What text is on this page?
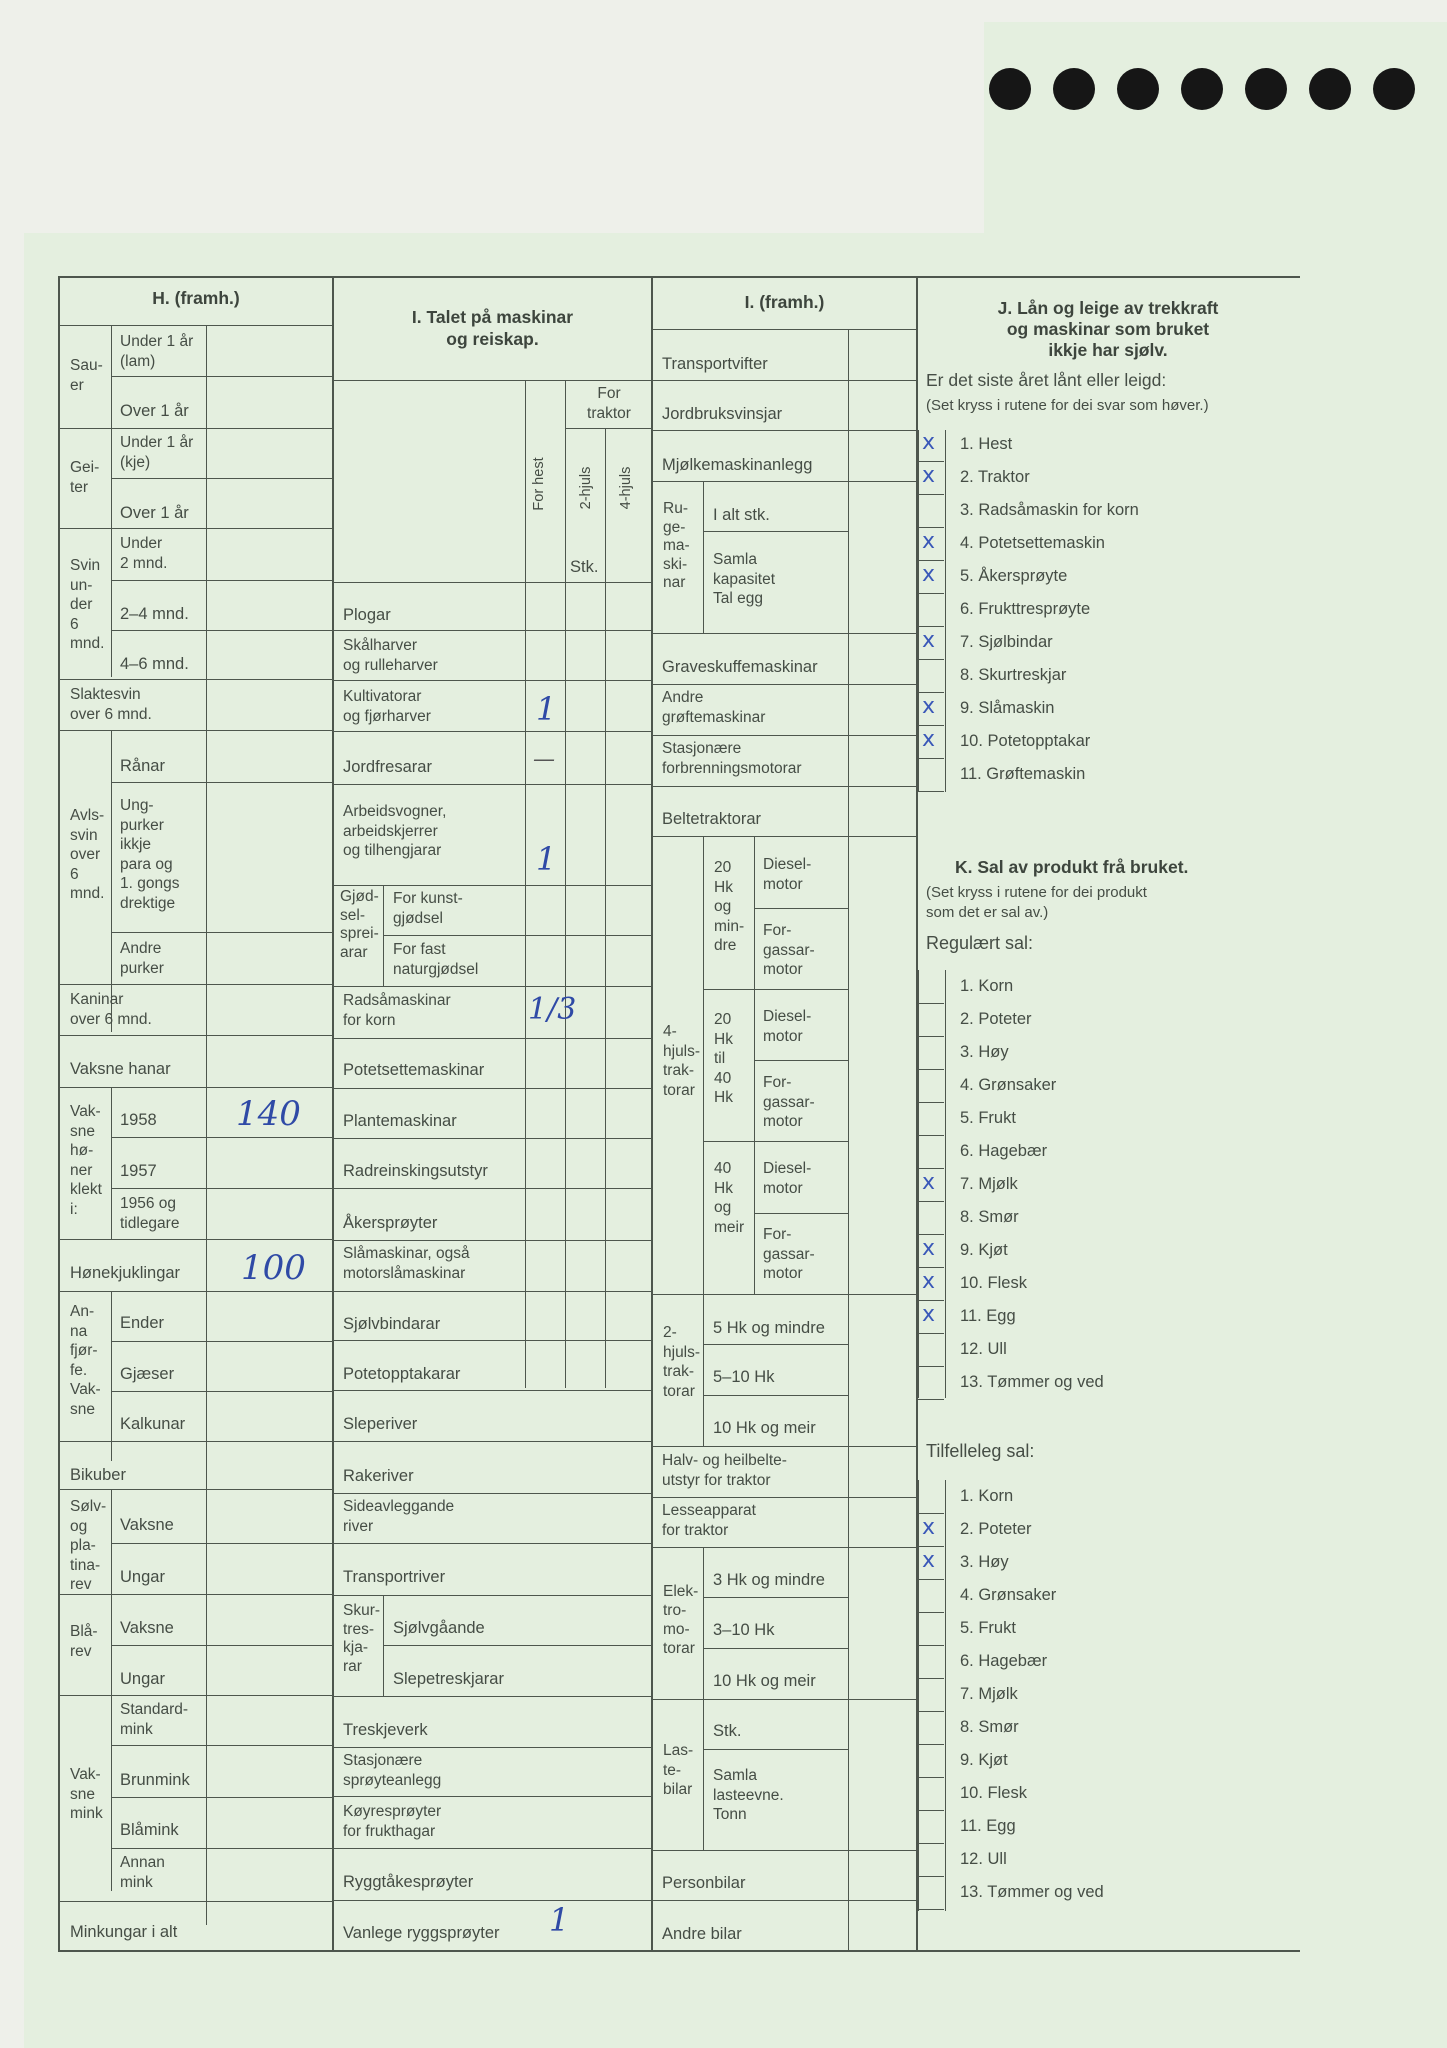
H. (framh.)
Sau-
er
Under 1 år
(lam)
Over 1 år
Gei-
ter
Under 1 år
(kje)
Over 1 år
Svin
un-
der
6
mnd.
Under
2 mnd.
2–4 mnd.
4–6 mnd.
Slaktesvin
over 6 mnd.
Avls-
svin
over
6
mnd.
Rånar
Ung-
purker
ikkje
para og
1. gongs
drektige
Andre
purker
Kaninar
over 6 mnd.
Vaksne hanar
Vak-
sne
hø-
ner
klekt
i:
1958
1957
1956 og
tidlegare
Hønekjuklingar
An-
na
fjør-
fe.
Vak-
sne
Ender
Gjæser
Kalkunar
Bikuber
Sølv-
og
pla-
tina-
rev
Vaksne
Ungar
Blå-
rev
Vaksne
Ungar
Vak-
sne
mink
Standard-
mink
Brunmink
Blåmink
Annan
mink
Minkungar i alt
140
100
I. Talet på maskinar
og reiskap.
For hest
For
traktor
2-hjuls 4-hjuls
Stk.
Plogar
Skålharver
og rulleharver
Kultivatorar
og fjørharver
Jordfresarar
Arbeidsvogner,
arbeidskjerrer
og tilhengjarar
Gjød-
sel-
sprei-
arar
For kunst-
gjødsel
For fast
naturgjødsel
Radsåmaskinar
for korn
Potetsettemaskinar
Plantemaskinar
Radreinskingsutstyr
Åkersprøyter
Slåmaskinar, også
motorslåmaskinar
Sjølvbindarar
Potetopptakarar
Sleperiver
Rakeriver
Sideavleggande
river
Transportriver
Skur-
tres-
kja-
rar
Sjølvgåande
Slepetreskjarar
Treskjeverk
Stasjonære
sprøyteanlegg
Køyresprøyter
for frukthagar
Ryggtåkesprøyter
Vanlege ryggsprøyter
1
—
1
1/3
1
I. (framh.)
Transportvifter
Jordbruksvinsjar
Mjølkemaskinanlegg
Ru-
ge-
ma-
ski-
nar
I alt stk.
Samla
kapasitet
Tal egg
Graveskuffemaskinar
Andre
grøftemaskinar
Stasjonære
forbrenningsmotorar
Beltetraktorar
4-
hjuls-
trak-
torar
20
Hk
og
min-
dre
20
Hk
til
40
Hk
40
Hk
og
meir
Diesel-
motor
For-
gassar-
motor
Diesel-
motor
For-
gassar-
motor
Diesel-
motor
For-
gassar-
motor
2-
hjuls-
trak-
torar
5 Hk og mindre
5–10 Hk
10 Hk og meir
Halv- og heilbelte-
utstyr for traktor
Lesseapparat
for traktor
Elek-
tro-
mo-
torar
3 Hk og mindre
3–10 Hk
10 Hk og meir
Las-
te-
bilar
Stk.
Samla
lasteevne.
Tonn
Personbilar
Andre bilar
J. Lån og leige av trekkraft
og maskinar som bruket
ikkje har sjølv.
Er det siste året lånt eller leigd:
(Set kryss i rutene for dei svar som høver.)
1. Hest
x
2. Traktor
x
3. Radsåmaskin for korn
4. Potetsettemaskin
x
5. Åkersprøyte
x
6. Frukttresprøyte
7. Sjølbindar
x
8. Skurtreskjar
9. Slåmaskin
x
10. Potetopptakar
x
11. Grøftemaskin
K. Sal av produkt frå bruket.
(Set kryss i rutene for dei produkt
som det er sal av.)
Regulært sal:
1. Korn
2. Poteter
3. Høy
4. Grønsaker
5. Frukt
6. Hagebær
7. Mjølk
x
8. Smør
9. Kjøt
x
10. Flesk
x
11. Egg
x
12. Ull
13. Tømmer og ved
Tilfelleleg sal:
1. Korn
2. Poteter
x
3. Høy
x
4. Grønsaker
5. Frukt
6. Hagebær
7. Mjølk
8. Smør
9. Kjøt
10. Flesk
11. Egg
12. Ull
13. Tømmer og ved
